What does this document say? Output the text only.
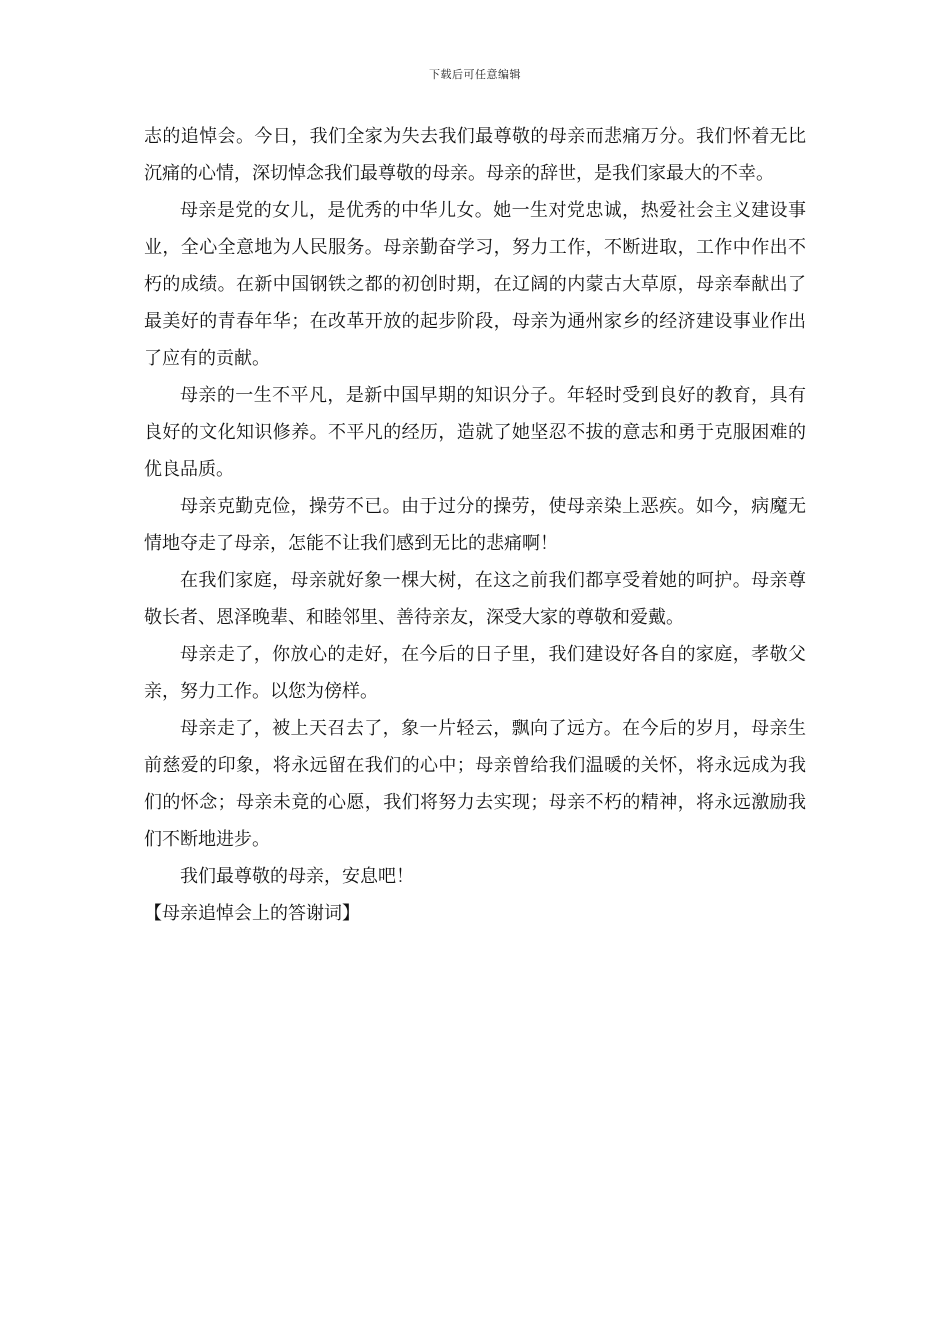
下载后可任意编辑

志的追悼会。今日，我们全家为失去我们最尊敬的母亲而悲痛万分。我们怀着无比沉痛的心情，深切悼念我们最尊敬的母亲。母亲的辞世，是我们家最大的不幸。

母亲是党的女儿，是优秀的中华儿女。她一生对党忠诚，热爱社会主义建设事业，全心全意地为人民服务。母亲勤奋学习，努力工作，不断进取，工作中作出不朽的成绩。在新中国钢铁之都的初创时期，在辽阔的内蒙古大草原，母亲奉献出了最美好的青春年华；在改革开放的起步阶段，母亲为通州家乡的经济建设事业作出了应有的贡献。

母亲的一生不平凡，是新中国早期的知识分子。年轻时受到良好的教育，具有良好的文化知识修养。不平凡的经历，造就了她坚忍不拔的意志和勇于克服困难的优良品质。

母亲克勤克俭，操劳不已。由于过分的操劳，使母亲染上恶疾。如今，病魔无情地夺走了母亲，怎能不让我们感到无比的悲痛啊！

在我们家庭，母亲就好象一棵大树，在这之前我们都享受着她的呵护。母亲尊敬长者、恩泽晚辈、和睦邻里、善待亲友，深受大家的尊敬和爱戴。

母亲走了，你放心的走好，在今后的日子里，我们建设好各自的家庭，孝敬父亲，努力工作。以您为傍样。

母亲走了，被上天召去了，象一片轻云，飘向了远方。在今后的岁月，母亲生前慈爱的印象，将永远留在我们的心中；母亲曾给我们温暖的关怀，将永远成为我们的怀念；母亲未竟的心愿，我们将努力去实现；母亲不朽的精神，将永远激励我们不断地进步。

我们最尊敬的母亲，安息吧！

【母亲追悼会上的答谢词】
